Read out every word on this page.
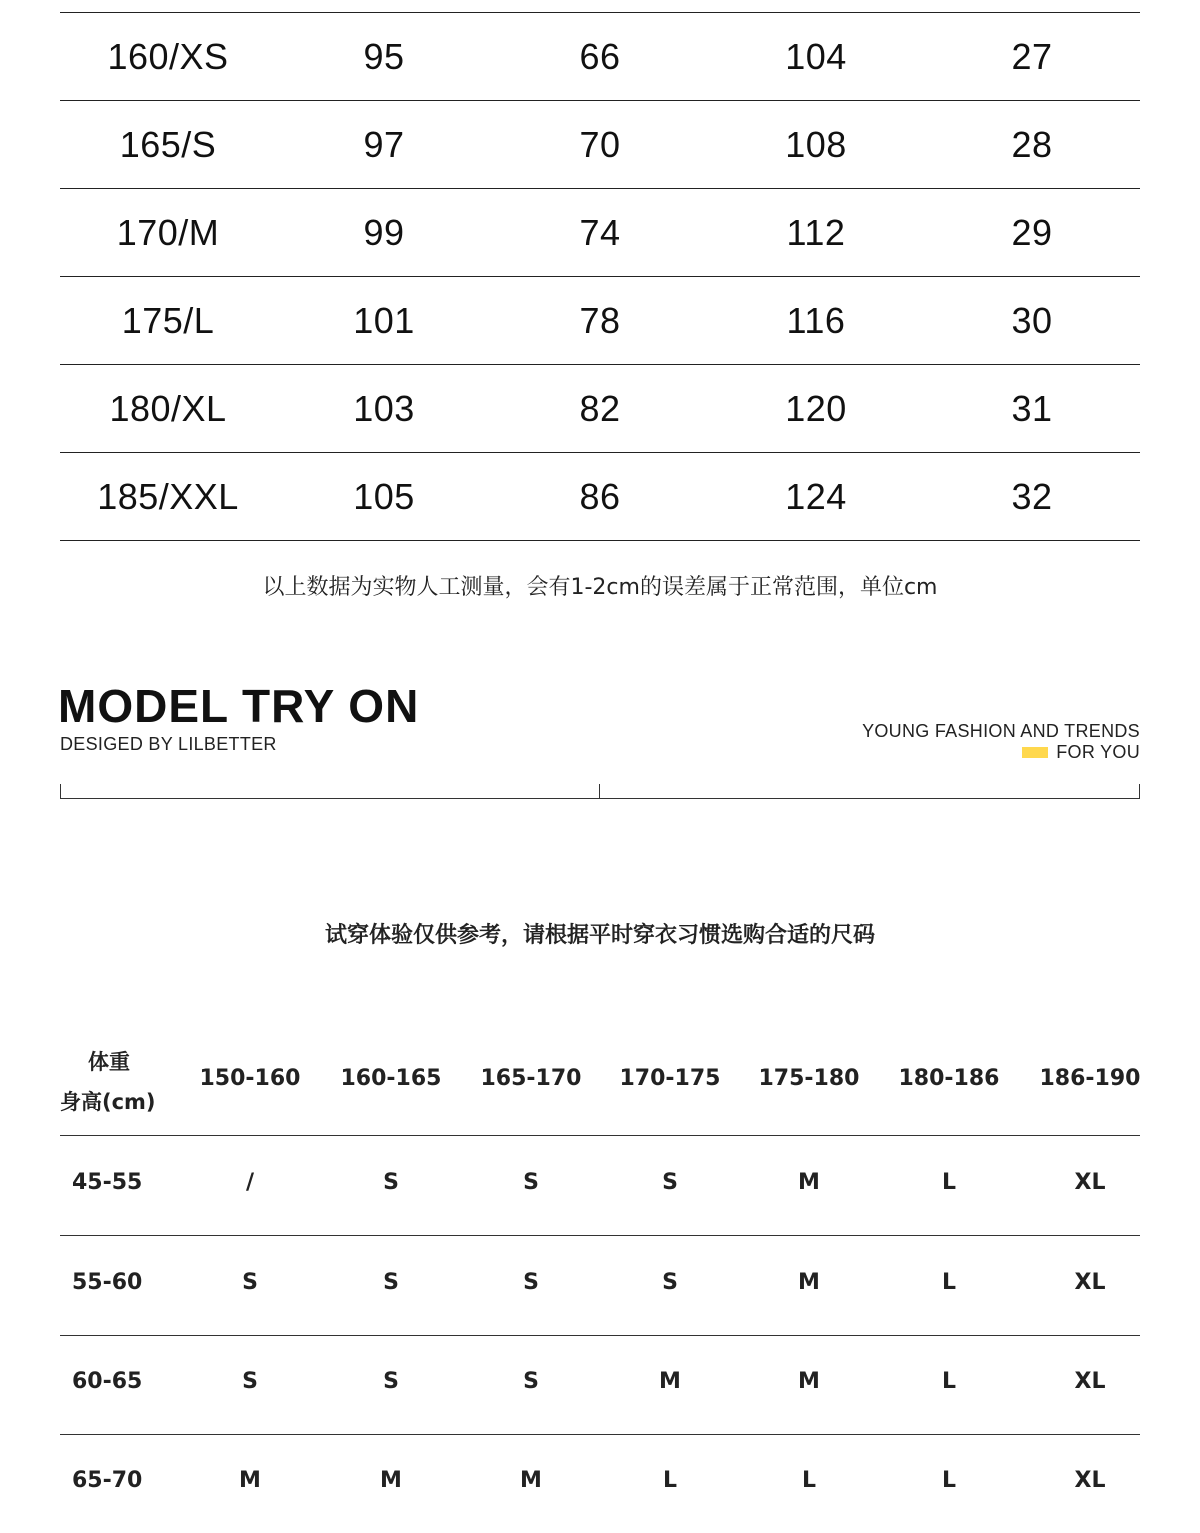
160/XS	95	66	104	27
165/S	97	70	108	28
170/M	99	74	112	29
175/L	101	78	116	30
180/XL	103	82	120	31
185/XXL	105	86	124	32
以上数据为实物人工测量，会有1-2cm的误差属于正常范围，单位cm
MODEL TRY ON
DESIGED BY LILBETTER
YOUNG FASHION AND TRENDS
FOR YOU
试穿体验仅供参考，请根据平时穿衣习惯选购合适的尺码
体重
身高(cm)
150-160	160-165	165-170	170-175	175-180	180-186	186-190
45-55	/	S	S	S	M	L	XL
55-60	S	S	S	S	M	L	XL
60-65	S	S	S	M	M	L	XL
65-70	M	M	M	L	L	L	XL
